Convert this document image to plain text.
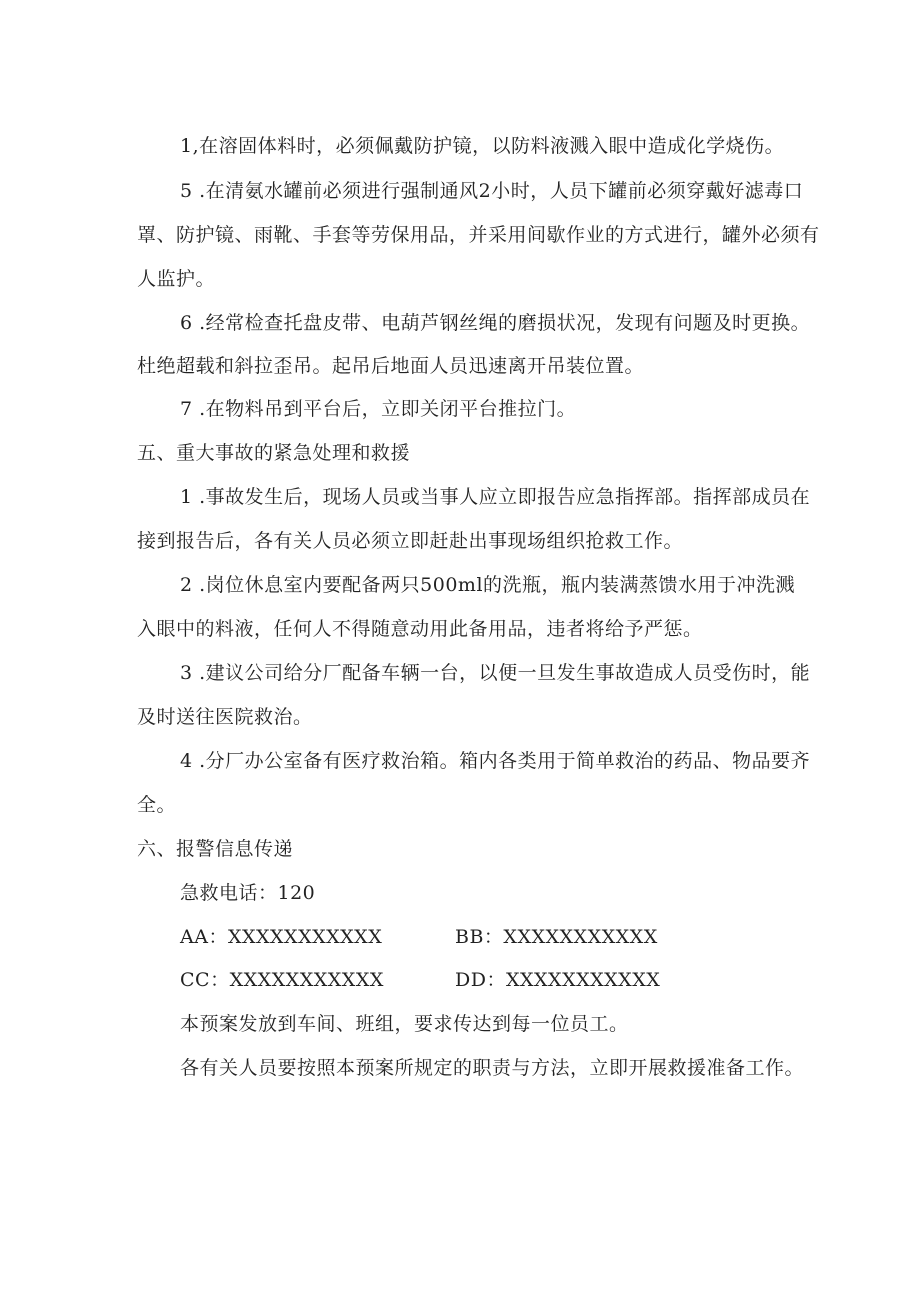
1,在溶固体料时，必须佩戴防护镜，以防料液溅入眼中造成化学烧伤。
5 .在清氨水罐前必须进行强制通风2小时，人员下罐前必须穿戴好滤毒口
罩、防护镜、雨靴、手套等劳保用品，并采用间歇作业的方式进行，罐外必须有
人监护。
6 .经常检查托盘皮带、电葫芦钢丝绳的磨损状况，发现有问题及时更换。
杜绝超载和斜拉歪吊。起吊后地面人员迅速离开吊装位置。
7 .在物料吊到平台后，立即关闭平台推拉门。
五、重大事故的紧急处理和救援
1 .事故发生后，现场人员或当事人应立即报告应急指挥部。指挥部成员在
接到报告后，各有关人员必须立即赶赴出事现场组织抢救工作。
2 .岗位休息室内要配备两只500ml的洗瓶，瓶内装满蒸馈水用于冲洗溅
入眼中的料液，任何人不得随意动用此备用品，违者将给予严惩。
3 .建议公司给分厂配备车辆一台，以便一旦发生事故造成人员受伤时，能
及时送往医院救治。
4 .分厂办公室备有医疗救治箱。箱内各类用于简单救治的药品、物品要齐
全。
六、报警信息传递
急救电话：120
AA：XXXXXXXXXXX	BB：XXXXXXXXXXX
CC：XXXXXXXXXXX	DD：XXXXXXXXXXX
本预案发放到车间、班组，要求传达到每一位员工。
各有关人员要按照本预案所规定的职责与方法，立即开展救援准备工作。
